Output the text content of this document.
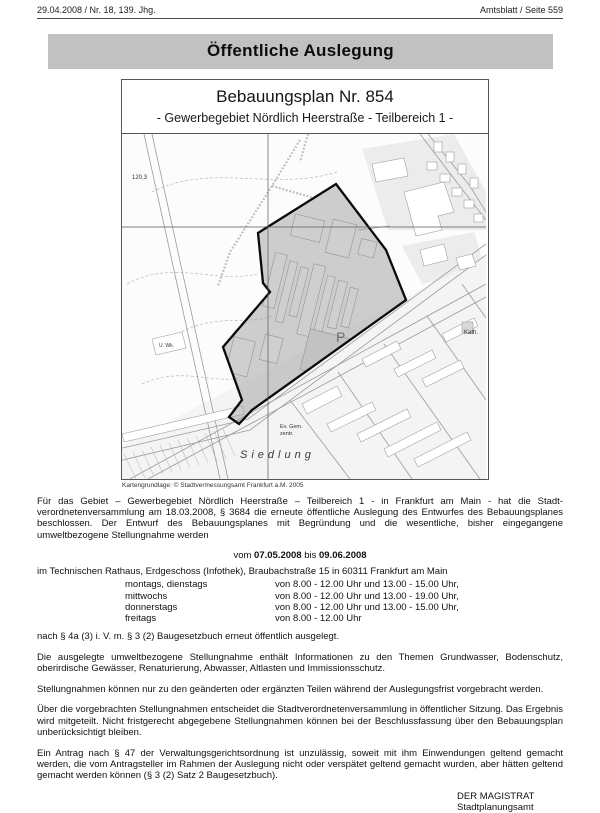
29.04.2008 / Nr. 18, 139. Jhg.	Amtsblatt / Seite 559
Öffentliche Auslegung
Bebauungsplan Nr. 854
- Gewerbegebiet Nördlich Heerstraße - Teilbereich 1 -
120,3
U. Wk.
P
Ev. Gem.
zentr.
Siedlung
Kath.
Kartengrundlage: © Stadtvermessungsamt Frankfurt a.M. 2005

Für das Gebiet – Gewerbegebiet Nördlich Heerstraße – Teilbereich 1 - in Frankfurt am Main - hat die Stadtverordnetenversammlung am 18.03.2008, § 3684 die erneute öffentliche Auslegung des Entwurfes des Bebauungsplanes beschlossen. Der Entwurf des Bebauungsplanes mit Begründung und die wesentliche, bisher eingegangene umweltbezogene Stellungnahme werden

vom 07.05.2008 bis 09.06.2008
im Technischen Rathaus, Erdgeschoss (Infothek), Braubachstraße 15 in 60311 Frankfurt am Main
montags, dienstags	von 8.00 - 12.00 Uhr und 13.00 - 15.00 Uhr,
mittwochs	von 8.00 - 12.00 Uhr und 13.00 - 19.00 Uhr,
donnerstags	von 8.00 - 12.00 Uhr und 13.00 - 15.00 Uhr,
freitags	von 8.00 - 12.00 Uhr

nach § 4a (3) i. V. m. § 3 (2) Baugesetzbuch erneut öffentlich ausgelegt.

Die ausgelegte umweltbezogene Stellungnahme enthält Informationen zu den Themen Grundwasser, Bodenschutz, oberirdische Gewässer, Renaturierung, Abwasser, Altlasten und Immissionsschutz.

Stellungnahmen können nur zu den geänderten oder ergänzten Teilen während der Auslegungsfrist vorgebracht werden.

Über die vorgebrachten Stellungnahmen entscheidet die Stadtverordnetenversammlung in öffentlicher Sitzung. Das Ergebnis wird mitgeteilt. Nicht fristgerecht abgegebene Stellungnahmen können bei der Beschlussfassung über den Bebauungsplan unberücksichtigt bleiben.

Ein Antrag nach § 47 der Verwaltungsgerichtsordnung ist unzulässig, soweit mit ihm Einwendungen geltend gemacht werden, die vom Antragsteller im Rahmen der Auslegung nicht oder verspätet geltend gemacht wurden, aber hätten geltend gemacht werden können (§ 3 (2) Satz 2 Baugesetzbuch).

DER MAGISTRAT
Stadtplanungsamt
